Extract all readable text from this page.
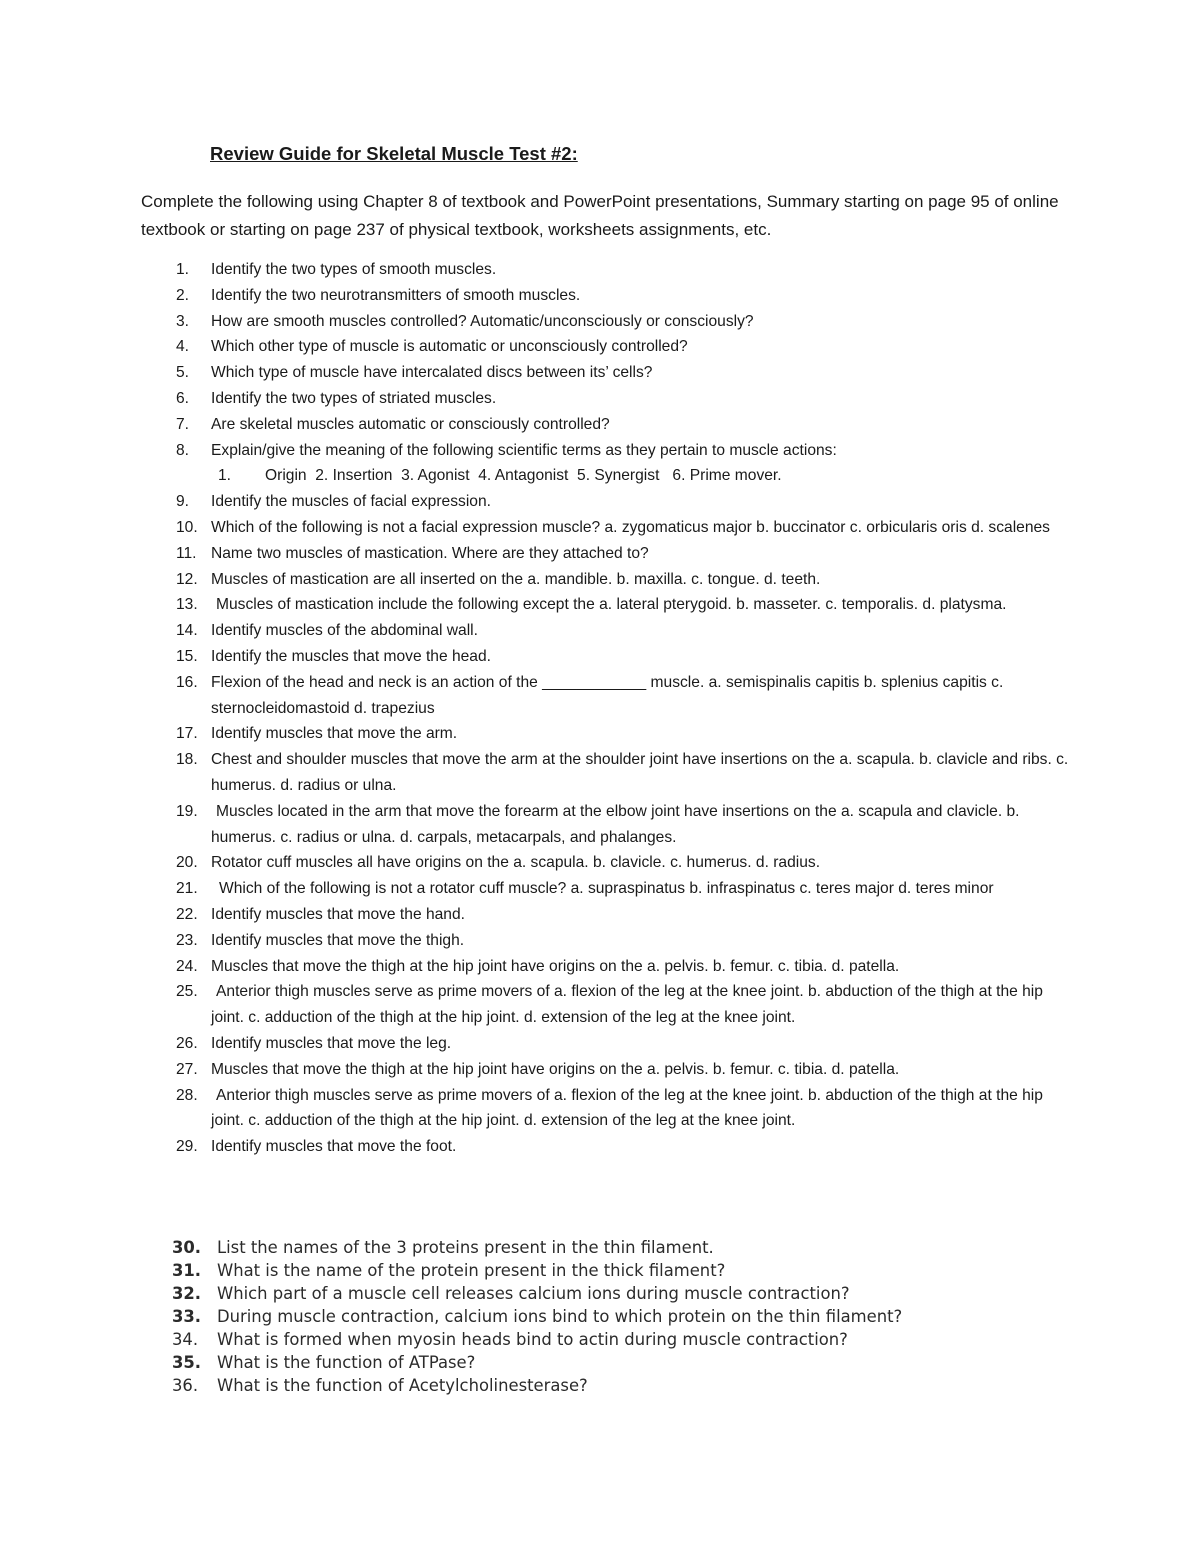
Review Guide for Skeletal Muscle Test #2:
Complete the following using Chapter 8 of textbook and PowerPoint presentations, Summary starting on page 95 of online textbook or starting on page 237 of physical textbook, worksheets assignments, etc.
1. Identify the two types of smooth muscles.
2. Identify the two neurotransmitters of smooth muscles.
3. How are smooth muscles controlled? Automatic/unconsciously or consciously?
4. Which other type of muscle is automatic or unconsciously controlled?
5. Which type of muscle have intercalated discs between its’ cells?
6. Identify the two types of striated muscles.
7. Are skeletal muscles automatic or consciously controlled?
8. Explain/give the meaning of the following scientific terms as they pertain to muscle actions:
1. Origin  2. Insertion  3. Agonist  4. Antagonist  5. Synergist   6. Prime mover.
9. Identify the muscles of facial expression.
10. Which of the following is not a facial expression muscle? a. zygomaticus major b. buccinator c. orbicularis oris d. scalenes
11. Name two muscles of mastication. Where are they attached to?
12. Muscles of mastication are all inserted on the a. mandible. b. maxilla. c. tongue. d. teeth.
13.	Muscles of mastication include the following except the a. lateral pterygoid. b. masseter. c. temporalis. d. platysma.
14. Identify muscles of the abdominal wall.
15. Identify the muscles that move the head.
16. Flexion of the head and neck is an action of the ____________ muscle. a. semispinalis capitis b. splenius capitis c. sternocleidomastoid d. trapezius
17. Identify muscles that move the arm.
18. Chest and shoulder muscles that move the arm at the shoulder joint have insertions on the a. scapula. b. clavicle and ribs. c. humerus. d. radius or ulna.
19.	Muscles located in the arm that move the forearm at the elbow joint have insertions on the a. scapula and clavicle. b. humerus. c. radius or ulna. d. carpals, metacarpals, and phalanges.
20. Rotator cuff muscles all have origins on the a. scapula. b. clavicle. c. humerus. d. radius.
21.	Which of the following is not a rotator cuff muscle? a. supraspinatus b. infraspinatus c. teres major d. teres minor
22. Identify muscles that move the hand.
23. Identify muscles that move the thigh.
24. Muscles that move the thigh at the hip joint have origins on the a. pelvis. b. femur. c. tibia. d. patella.
25.	Anterior thigh muscles serve as prime movers of a. flexion of the leg at the knee joint. b. abduction of the thigh at the hip joint. c. adduction of the thigh at the hip joint. d. extension of the leg at the knee joint.
26. Identify muscles that move the leg.
27. Muscles that move the thigh at the hip joint have origins on the a. pelvis. b. femur. c. tibia. d. patella.
28.	Anterior thigh muscles serve as prime movers of a. flexion of the leg at the knee joint. b. abduction of the thigh at the hip joint. c. adduction of the thigh at the hip joint. d. extension of the leg at the knee joint.
29. Identify muscles that move the foot.
30. List the names of the 3 proteins present in the thin filament.
31. What is the name of the protein present in the thick filament?
32. Which part of a muscle cell releases calcium ions during muscle contraction?
33. During muscle contraction, calcium ions bind to which protein on the thin filament?
34. What is formed when myosin heads bind to actin during muscle contraction?
35. What is the function of ATPase?
36. What is the function of Acetylcholinesterase?
